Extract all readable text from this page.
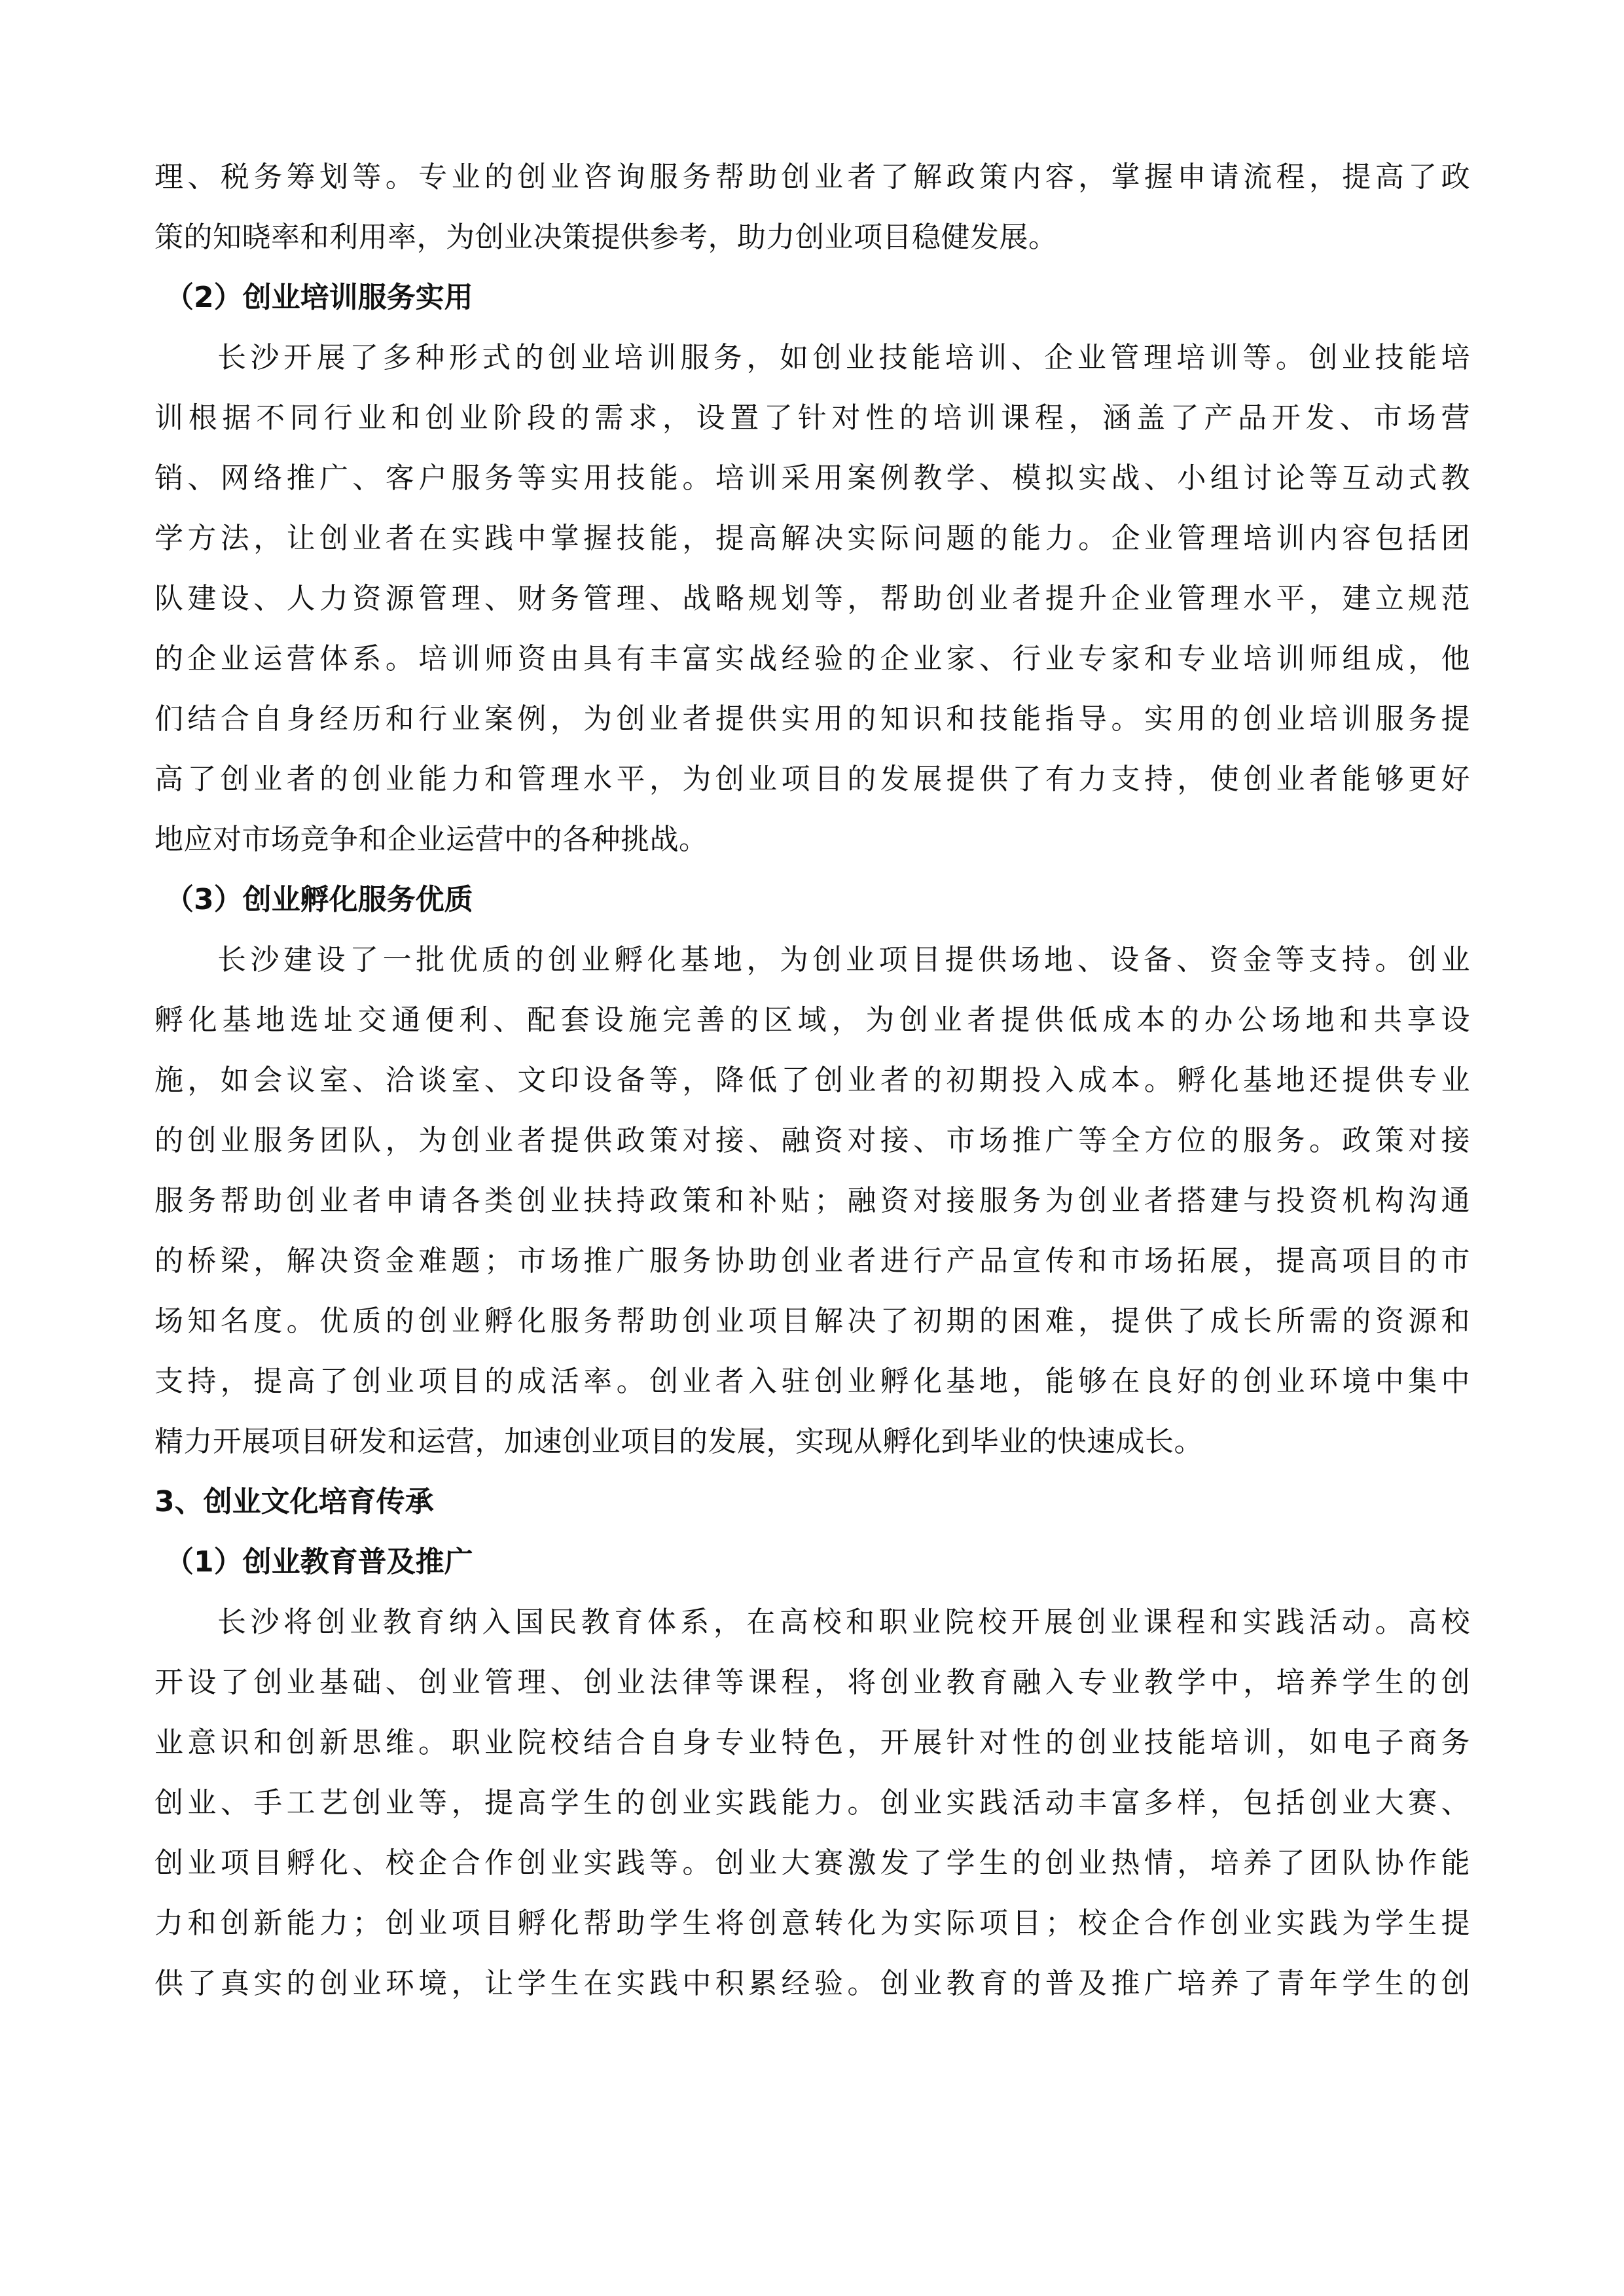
理、税务筹划等。专业的创业咨询服务帮助创业者了解政策内容，掌握申请流程，提高了政
策的知晓率和利用率，为创业决策提供参考，助力创业项目稳健发展。
（2）创业培训服务实用
长沙开展了多种形式的创业培训服务，如创业技能培训、企业管理培训等。创业技能培
训根据不同行业和创业阶段的需求，设置了针对性的培训课程，涵盖了产品开发、市场营
销、网络推广、客户服务等实用技能。培训采用案例教学、模拟实战、小组讨论等互动式教
学方法，让创业者在实践中掌握技能，提高解决实际问题的能力。企业管理培训内容包括团
队建设、人力资源管理、财务管理、战略规划等，帮助创业者提升企业管理水平，建立规范
的企业运营体系。培训师资由具有丰富实战经验的企业家、行业专家和专业培训师组成，他
们结合自身经历和行业案例，为创业者提供实用的知识和技能指导。实用的创业培训服务提
高了创业者的创业能力和管理水平，为创业项目的发展提供了有力支持，使创业者能够更好
地应对市场竞争和企业运营中的各种挑战。
（3）创业孵化服务优质
长沙建设了一批优质的创业孵化基地，为创业项目提供场地、设备、资金等支持。创业
孵化基地选址交通便利、配套设施完善的区域，为创业者提供低成本的办公场地和共享设
施，如会议室、洽谈室、文印设备等，降低了创业者的初期投入成本。孵化基地还提供专业
的创业服务团队，为创业者提供政策对接、融资对接、市场推广等全方位的服务。政策对接
服务帮助创业者申请各类创业扶持政策和补贴；融资对接服务为创业者搭建与投资机构沟通
的桥梁，解决资金难题；市场推广服务协助创业者进行产品宣传和市场拓展，提高项目的市
场知名度。优质的创业孵化服务帮助创业项目解决了初期的困难，提供了成长所需的资源和
支持，提高了创业项目的成活率。创业者入驻创业孵化基地，能够在良好的创业环境中集中
精力开展项目研发和运营，加速创业项目的发展，实现从孵化到毕业的快速成长。
3、创业文化培育传承
（1）创业教育普及推广
长沙将创业教育纳入国民教育体系，在高校和职业院校开展创业课程和实践活动。高校
开设了创业基础、创业管理、创业法律等课程，将创业教育融入专业教学中，培养学生的创
业意识和创新思维。职业院校结合自身专业特色，开展针对性的创业技能培训，如电子商务
创业、手工艺创业等，提高学生的创业实践能力。创业实践活动丰富多样，包括创业大赛、
创业项目孵化、校企合作创业实践等。创业大赛激发了学生的创业热情，培养了团队协作能
力和创新能力；创业项目孵化帮助学生将创意转化为实际项目；校企合作创业实践为学生提
供了真实的创业环境，让学生在实践中积累经验。创业教育的普及推广培养了青年学生的创
